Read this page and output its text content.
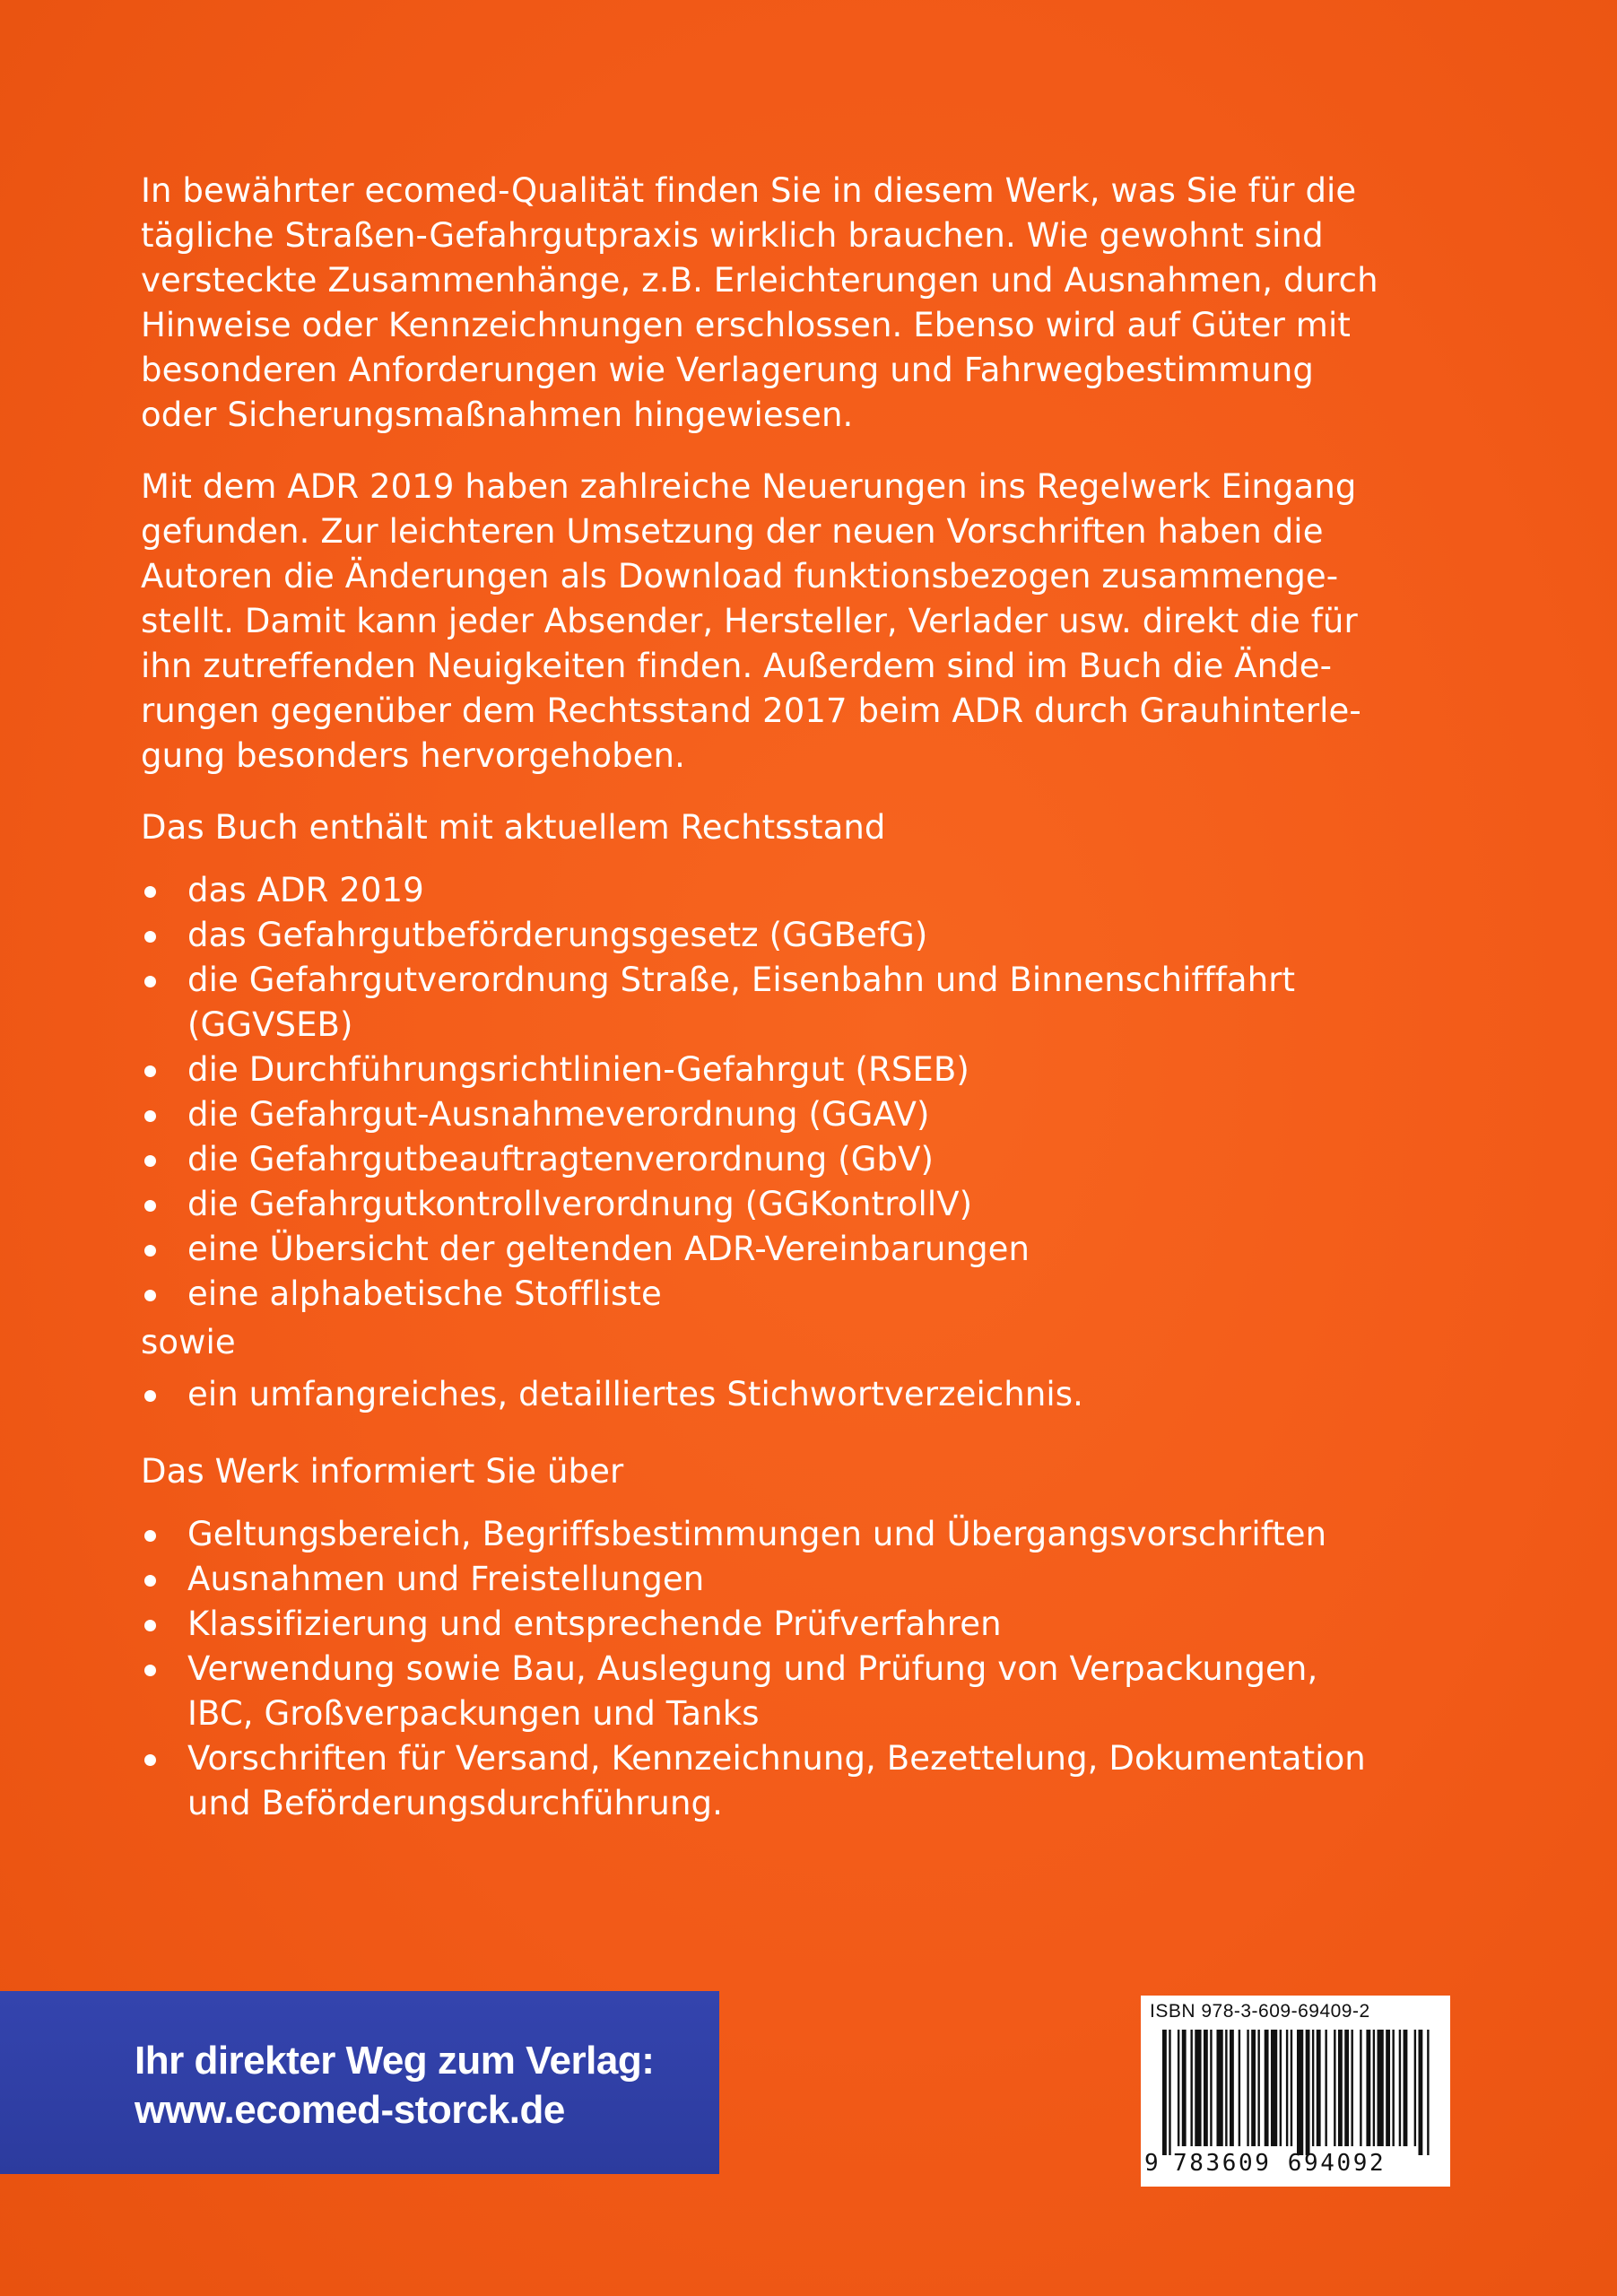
In bewährter ecomed-Qualität finden Sie in diesem Werk, was Sie für die
tägliche Straßen-Gefahrgutpraxis wirklich brauchen. Wie gewohnt sind
versteckte Zusammenhänge, z.B. Erleichterungen und Ausnahmen, durch
Hinweise oder Kennzeichnungen erschlossen. Ebenso wird auf Güter mit
besonderen Anforderungen wie Verlagerung und Fahrwegbestimmung
oder Sicherungsmaßnahmen hingewiesen.

Mit dem ADR 2019 haben zahlreiche Neuerungen ins Regelwerk Eingang
gefunden. Zur leichteren Umsetzung der neuen Vorschriften haben die
Autoren die Änderungen als Download funktionsbezogen zusammenge-
stellt. Damit kann jeder Absender, Hersteller, Verlader usw. direkt die für
ihn zutreffenden Neuigkeiten finden. Außerdem sind im Buch die Ände-
rungen gegenüber dem Rechtsstand 2017 beim ADR durch Grauhinterle-
gung besonders hervorgehoben.

Das Buch enthält mit aktuellem Rechtsstand

das ADR 2019
das Gefahrgutbeförderungsgesetz (GGBefG)
die Gefahrgutverordnung Straße, Eisenbahn und Binnenschifffahrt
(GGVSEB)
die Durchführungsrichtlinien-Gefahrgut (RSEB)
die Gefahrgut-Ausnahmeverordnung (GGAV)
die Gefahrgutbeauftragtenverordnung (GbV)
die Gefahrgutkontrollverordnung (GGKontrollV)
eine Übersicht der geltenden ADR-Vereinbarungen
eine alphabetische Stoffliste

sowie

ein umfangreiches, detailliertes Stichwortverzeichnis.

Das Werk informiert Sie über

Geltungsbereich, Begriffsbestimmungen und Übergangsvorschriften
Ausnahmen und Freistellungen
Klassifizierung und entsprechende Prüfverfahren
Verwendung sowie Bau, Auslegung und Prüfung von Verpackungen,
IBC, Großverpackungen und Tanks
Vorschriften für Versand, Kennzeichnung, Bezettelung, Dokumentation
und Beförderungsdurchführung.
Ihr direkter Weg zum Verlag:
www.ecomed-storck.de
ISBN 978-3-609-69409-2
9 783609 694092
